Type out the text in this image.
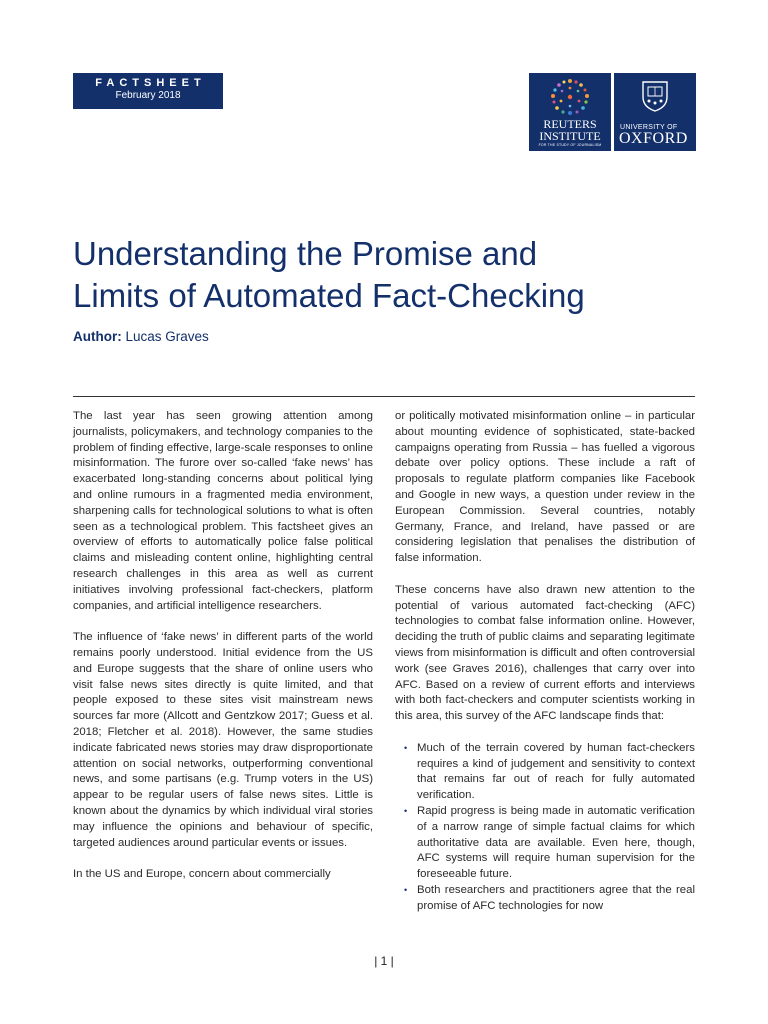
FACTSHEET
February 2018
REUTERS
INSTITUTE
FOR THE STUDY OF JOURNALISM
UNIVERSITY OF
OXFORD
Understanding the Promise and
Limits of Automated Fact-Checking
Author: Lucas Graves

The last year has seen growing attention among journalists, policymakers, and technology companies to the problem of finding effective, large-scale responses to online misinformation. The furore over so-called ‘fake news’ has exacerbated long-standing concerns about political lying and online rumours in a fragmented media environment, sharpening calls for technological solutions to what is often seen as a technological problem. This factsheet gives an overview of efforts to automatically police false political claims and misleading content online, highlighting central research challenges in this area as well as current initiatives involving professional fact-checkers, platform companies, and artificial intelligence researchers.

The influence of ‘fake news’ in different parts of the world remains poorly understood. Initial evidence from the US and Europe suggests that the share of online users who visit false news sites directly is quite limited, and that people exposed to these sites visit mainstream news sources far more (Allcott and Gentzkow 2017; Guess et al. 2018; Fletcher et al. 2018). However, the same studies indicate fabricated news stories may draw disproportionate attention on social networks, outperforming conventional news, and some partisans (e.g. Trump voters in the US) appear to be regular users of false news sites. Little is known about the dynamics by which individual viral stories may influence the opinions and behaviour of specific, targeted audiences around particular events or issues.

In the US and Europe, concern about commercially

or politically motivated misinformation online – in particular about mounting evidence of sophisticated, state-backed campaigns operating from Russia – has fuelled a vigorous debate over policy options. These include a raft of proposals to regulate platform companies like Facebook and Google in new ways, a question under review in the European Commission. Several countries, notably Germany, France, and Ireland, have passed or are considering legislation that penalises the distribution of false information.

These concerns have also drawn new attention to the potential of various automated fact-checking (AFC) technologies to combat false information online. However, deciding the truth of public claims and separating legitimate views from misinformation is difficult and often controversial work (see Graves 2016), challenges that carry over into AFC. Based on a review of current efforts and interviews with both fact-checkers and computer scientists working in this area, this survey of the AFC landscape finds that:

• Much of the terrain covered by human fact-checkers requires a kind of judgement and sensitivity to context that remains far out of reach for fully automated verification.
• Rapid progress is being made in automatic verification of a narrow range of simple factual claims for which authoritative data are available. Even here, though, AFC systems will require human supervision for the foreseeable future.
• Both researchers and practitioners agree that the real promise of AFC technologies for now
| 1 |
